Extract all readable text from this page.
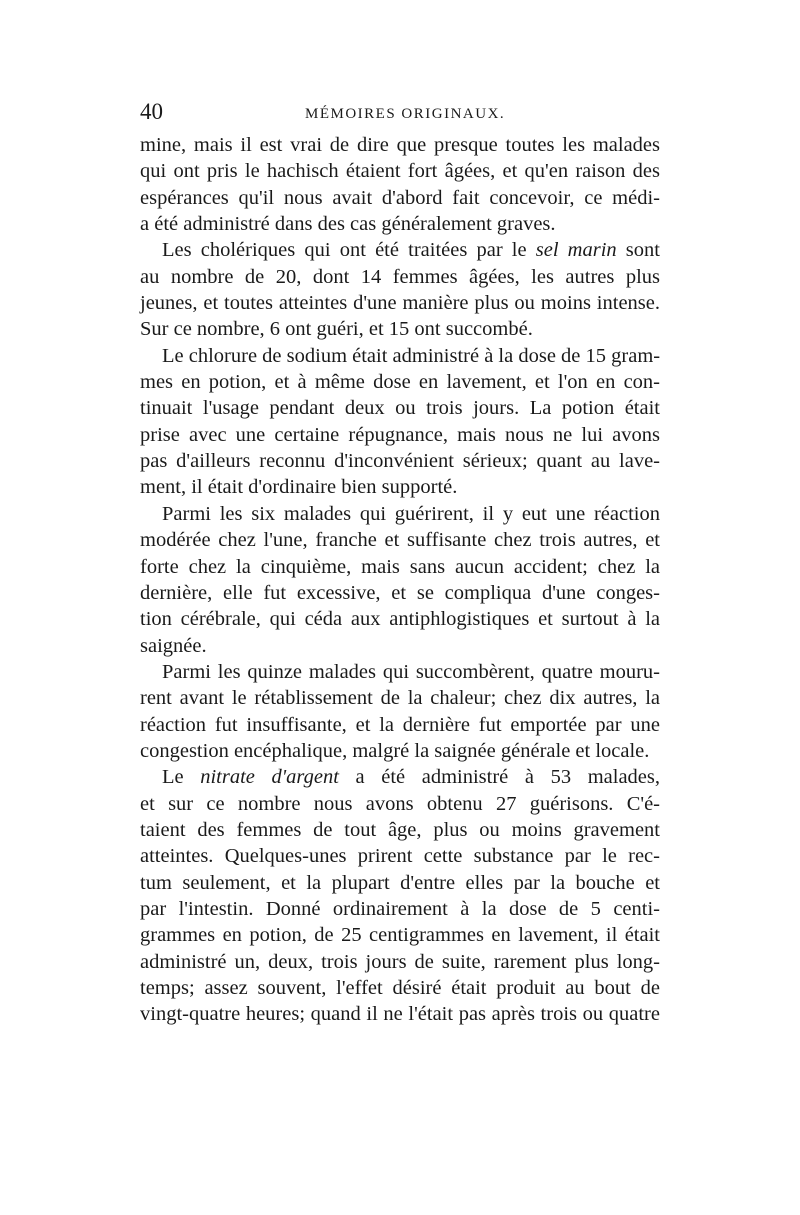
40	MÉMOIRES ORIGINAUX.
mine, mais il est vrai de dire que presque toutes les malades
qui ont pris le hachisch étaient fort âgées, et qu'en raison des
espérances qu'il nous avait d'abord fait concevoir, ce médi-
a été administré dans des cas généralement graves.
Les cholériques qui ont été traitées par le sel marin sont
au nombre de 20, dont 14 femmes âgées, les autres plus
jeunes, et toutes atteintes d'une manière plus ou moins intense.
Sur ce nombre, 6 ont guéri, et 15 ont succombé.
Le chlorure de sodium était administré à la dose de 15 gram-
mes en potion, et à même dose en lavement, et l'on en con-
tinuait l'usage pendant deux ou trois jours. La potion était
prise avec une certaine répugnance, mais nous ne lui avons
pas d'ailleurs reconnu d'inconvénient sérieux; quant au lave-
ment, il était d'ordinaire bien supporté.
Parmi les six malades qui guérirent, il y eut une réaction
modérée chez l'une, franche et suffisante chez trois autres, et
forte chez la cinquième, mais sans aucun accident; chez la
dernière, elle fut excessive, et se compliqua d'une conges-
tion cérébrale, qui céda aux antiphlogistiques et surtout à la
saignée.
Parmi les quinze malades qui succombèrent, quatre mouru-
rent avant le rétablissement de la chaleur; chez dix autres, la
réaction fut insuffisante, et la dernière fut emportée par une
congestion encéphalique, malgré la saignée générale et locale.
Le nitrate d'argent a été administré à 53 malades,
et sur ce nombre nous avons obtenu 27 guérisons. C'é-
taient des femmes de tout âge, plus ou moins gravement
atteintes. Quelques-unes prirent cette substance par le rec-
tum seulement, et la plupart d'entre elles par la bouche et
par l'intestin. Donné ordinairement à la dose de 5 centi-
grammes en potion, de 25 centigrammes en lavement, il était
administré un, deux, trois jours de suite, rarement plus long-
temps; assez souvent, l'effet désiré était produit au bout de
vingt-quatre heures; quand il ne l'était pas après trois ou quatre
